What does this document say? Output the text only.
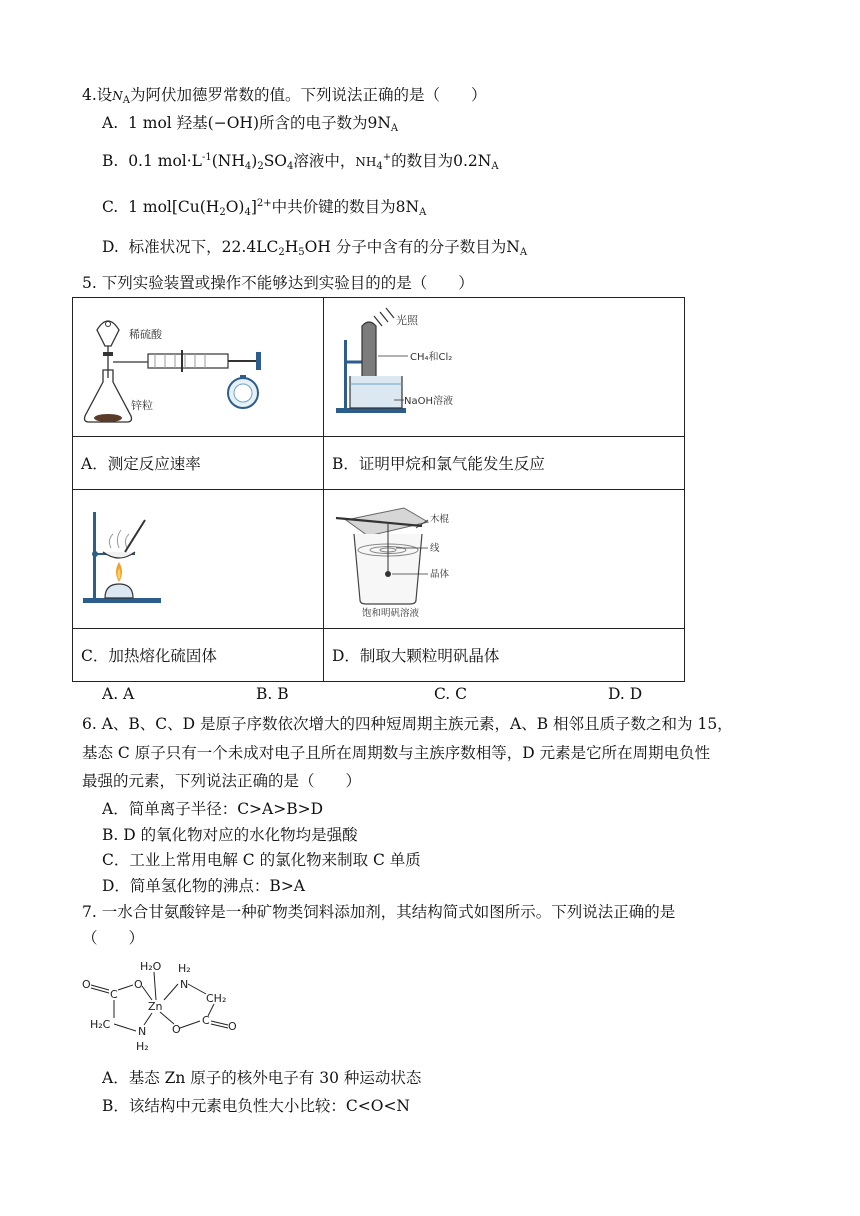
4.设$N_A$为阿伏加德罗常数的值。下列说法正确的是（　　）
A. 1 mol 羟基(−OH)所含的电子数为$9N_A$
B. 0.1 $mol\cdot L^{-1}(NH_4)_2SO_4$溶液中，$NH_4^+$的数目为$0.2N_A$
C. 1 $mol[Cu(H_2O)_4]^{2+}$中共价键的数目为$8N_A$
D. 标准状况下，$22.4LC_2H_5OH$ 分子中含有的分子数目为$N_A$
5. 下列实验装置或操作不能够达到实验目的的是（　　）
稀硫酸
锌粒	光照
CH₄和Cl₂
NaOH溶液

A．测定反应速率	B．证明甲烷和氯气能发生反应

木棍
线
晶体
饱和明矾溶液

C．加热熔化硫固体	D．制取大颗粒明矾晶体
A. A	B. B	C. C	D. D
6. A、B、C、D 是原子序数依次增大的四种短周期主族元素，A、B 相邻且质子数之和为 15，
基态 C 原子只有一个未成对电子且所在周期数与主族序数相等，D 元素是它所在周期电负性
最强的元素，下列说法正确的是（　　）
A．简单离子半径：C>A>B>D
B. D 的氧化物对应的水化物均是强酸
C．工业上常用电解 C 的氯化物来制取 C 单质
D．简单氢化物的沸点：B>A
7. 一水合甘氨酸锌是一种矿物类饲料添加剂，其结构简式如图所示。下列说法正确的是
（　　）
H₂O H₂
N
CH₂
O
C
O
Zn
H₂C
N
H₂
O
C O
A．基态 Zn 原子的核外电子有 30 种运动状态
B．该结构中元素电负性大小比较：C<O<N
